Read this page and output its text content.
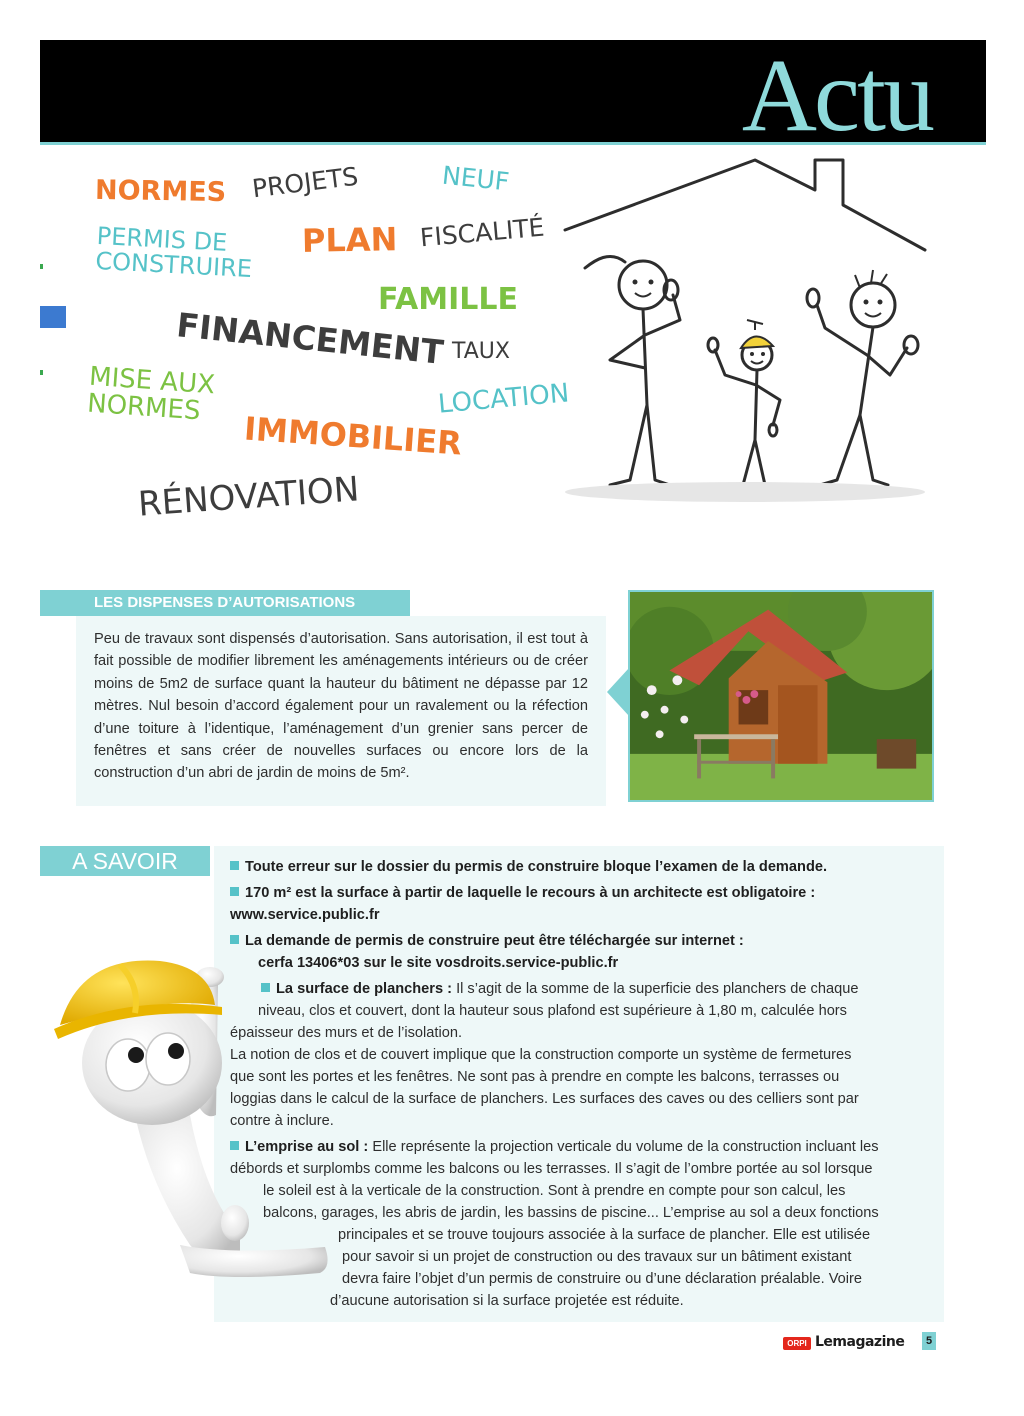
Actu
NORMES PROJETS	NEUF
PERMIS DE
CONSTRUIRE
PLAN FISCALITÉ
FAMILLE
FINANCEMENT TAUX
MISE AUX
NORMES	LOCATION
IMMOBILIER
RÉNOVATION
LES DISPENSES D’AUTORISATIONS
Peu de travaux sont dispensés d’autorisation. Sans autorisation, il est tout à fait possible de modifier librement les aménagements intérieurs ou de créer moins de 5m2 de surface quant la hauteur du bâtiment ne dépasse par 12 mètres. Nul besoin d’accord également pour un ravalement ou la réfection d’une toiture à l’identique, l’aménagement d’un grenier sans percer de fenêtres et sans créer de nouvelles surfaces ou encore lors de la construction d’un abri de jardin de moins de 5m².
A SAVOIR	Toute erreur sur le dossier du permis de construire bloque l’examen de la demande.
170 m² est la surface à partir de laquelle le recours à un architecte est obligatoire :
www.service.public.fr
La demande de permis de construire peut être téléchargée sur internet :
cerfa 13406*03 sur le site vosdroits.service-public.fr
La surface de planchers : Il s’agit de la somme de la superficie des planchers de chaque
niveau, clos et couvert, dont la hauteur sous plafond est supérieure à 1,80 m, calculée hors
épaisseur des murs et de l’isolation.
La notion de clos et de couvert implique que la construction comporte un système de fermetures
que sont les portes et les fenêtres. Ne sont pas à prendre en compte les balcons, terrasses ou
loggias dans le calcul de la surface de planchers. Les surfaces des caves ou des celliers sont par
contre à inclure.
L’emprise au sol : Elle représente la projection verticale du volume de la construction incluant les
débords et surplombs comme les balcons ou les terrasses. Il s’agit de l’ombre portée au sol lorsque
le soleil est à la verticale de la construction. Sont à prendre en compte pour son calcul, les
balcons, garages, les abris de jardin, les bassins de piscine... L’emprise au sol a deux fonctions
principales et se trouve toujours associée à la surface de plancher. Elle est utilisée
pour savoir si un projet de construction ou des travaux sur un bâtiment existant
devra faire l’objet d’un permis de construire ou d’une déclaration préalable. Voire
d’aucune autorisation si la surface projetée est réduite.
ORPI Lemagazine	5
